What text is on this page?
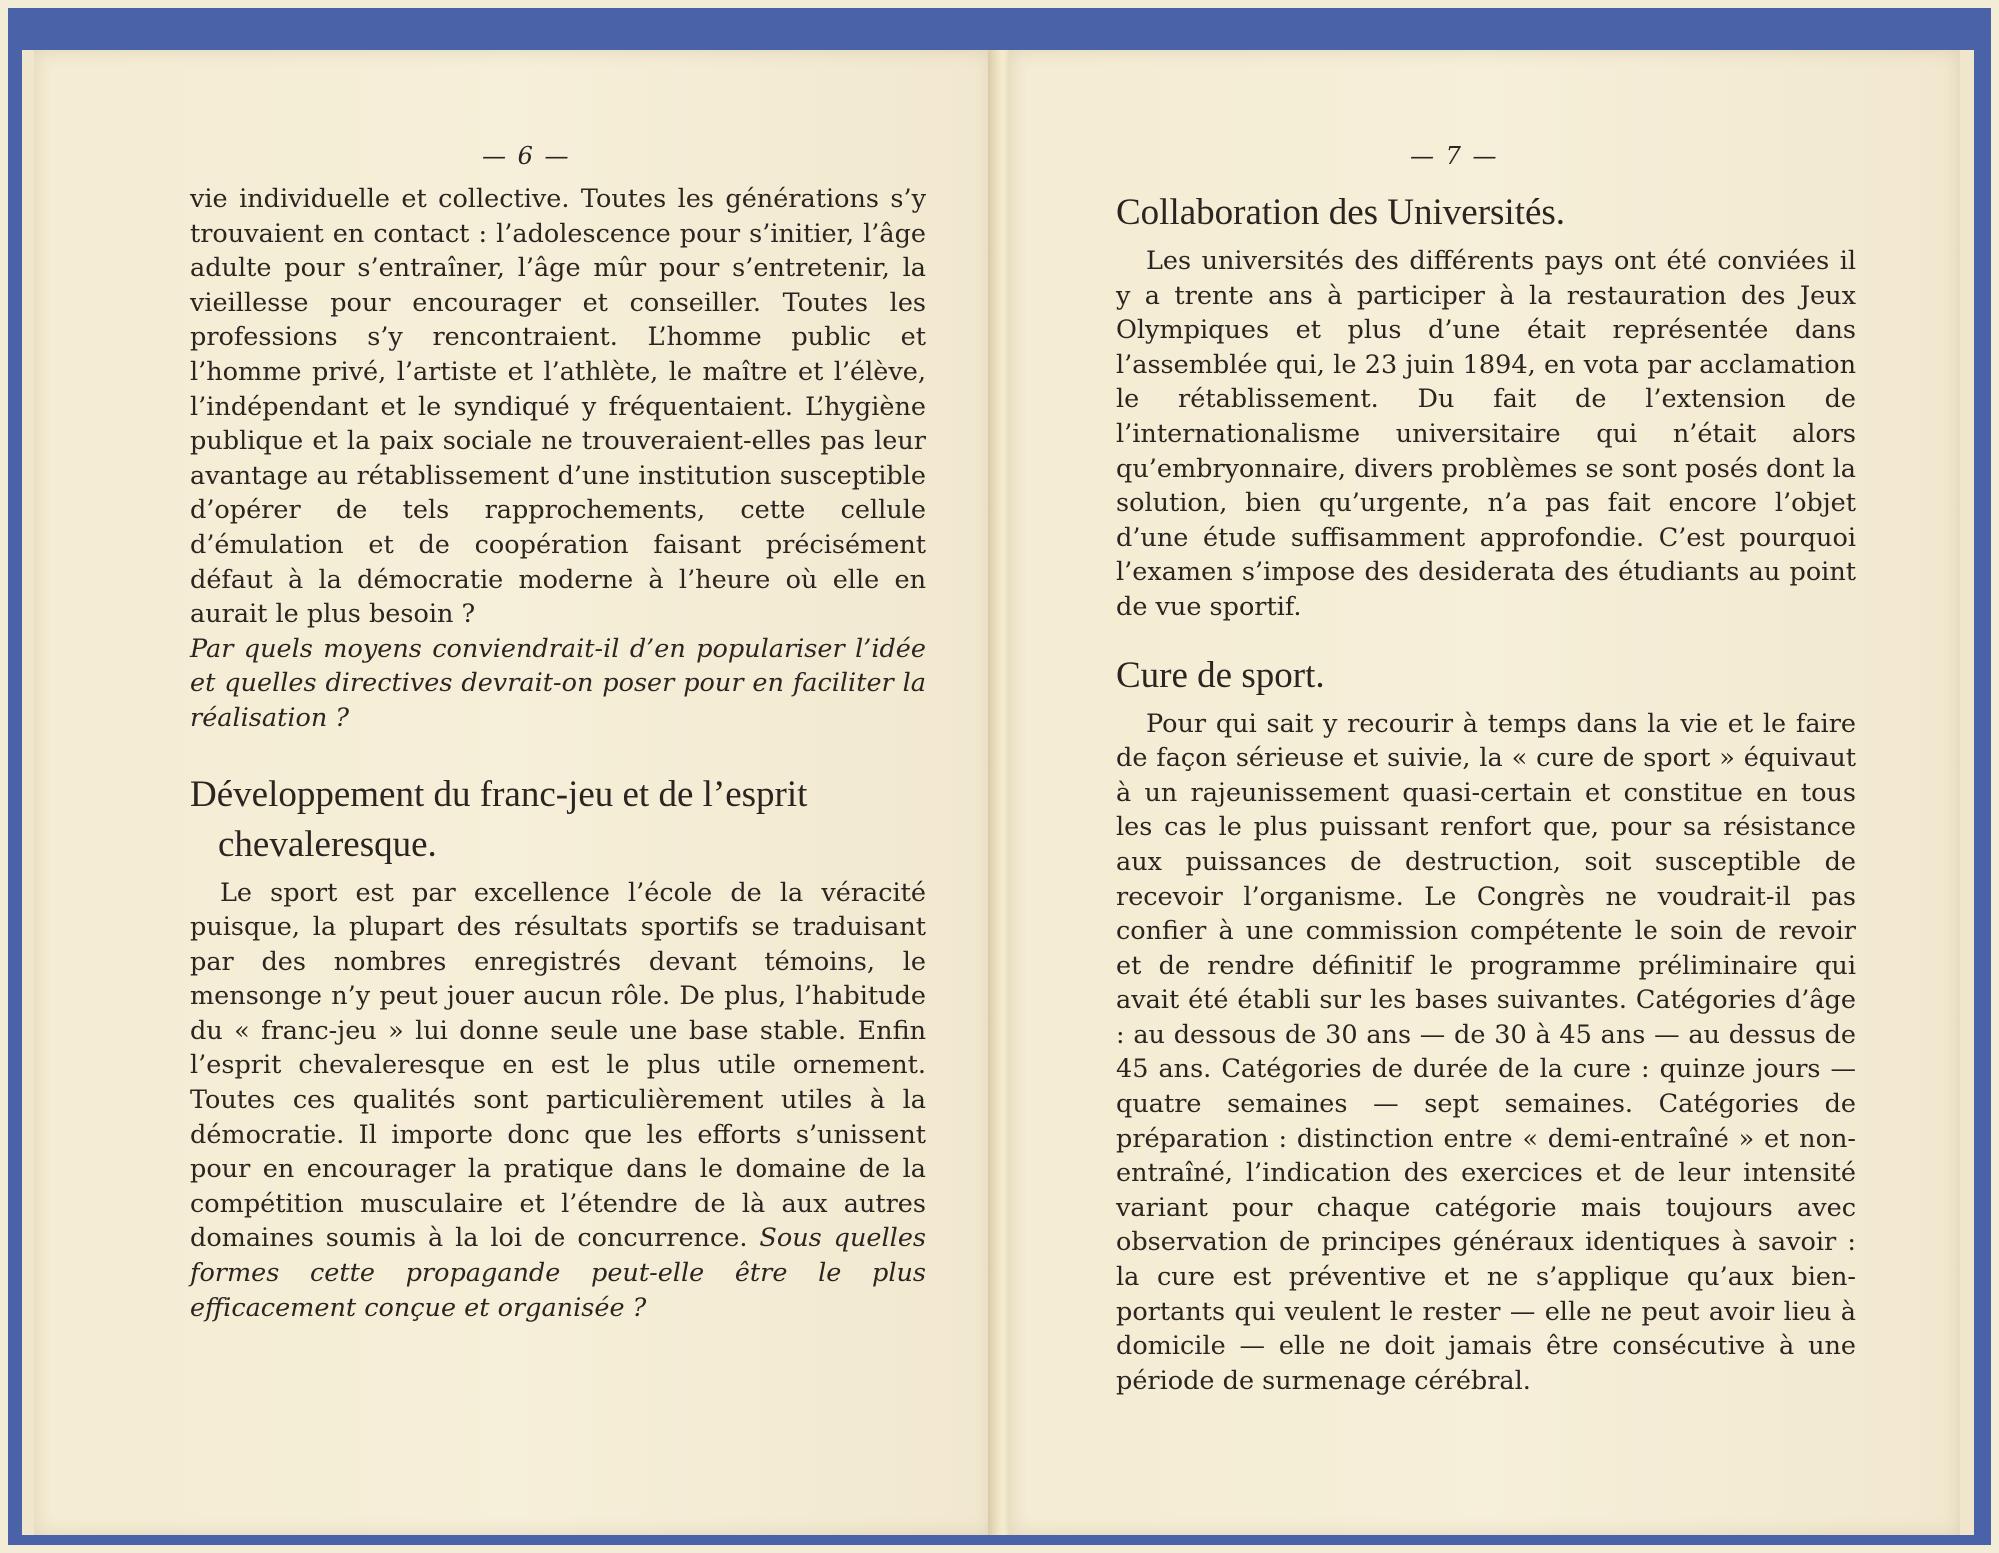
— 6 —

vie individuelle et collective. Toutes les générations s’y trouvaient en contact : l’adolescence pour s’initier, l’âge adulte pour s’entraîner, l’âge mûr pour s’entretenir, la vieillesse pour encourager et conseiller. Toutes les professions s’y rencontraient. L’homme public et l’homme privé, l’artiste et l’athlète, le maître et l’élève, l’indépendant et le syndiqué y fréquentaient. L’hygiène publique et la paix sociale ne trouveraient-elles pas leur avantage au rétablissement d’une institution susceptible d’opérer de tels rapprochements, cette cellule d’émulation et de coopération faisant précisément défaut à la démocratie moderne à l’heure où elle en aurait le plus besoin ?

Par quels moyens conviendrait-il d’en populariser l’idée et quelles directives devrait-on poser pour en faciliter la réalisation ?

Développement du franc-jeu et de l’esprit chevaleresque.

Le sport est par excellence l’école de la véracité puisque, la plupart des résultats sportifs se traduisant par des nombres enregistrés devant témoins, le mensonge n’y peut jouer aucun rôle. De plus, l’habitude du « franc-jeu » lui donne seule une base stable. Enfin l’esprit chevaleresque en est le plus utile ornement. Toutes ces qualités sont particulièrement utiles à la démocratie. Il importe donc que les efforts s’unissent pour en encourager la pratique dans le domaine de la compétition musculaire et l’étendre de là aux autres domaines soumis à la loi de concurrence. Sous quelles formes cette propagande peut-elle être le plus efficacement conçue et organisée ?

— 7 —
Collaboration des Universités.

Les universités des différents pays ont été conviées il y a trente ans à participer à la restauration des Jeux Olympiques et plus d’une était représentée dans l’assemblée qui, le 23 juin 1894, en vota par acclamation le rétablissement. Du fait de l’extension de l’internationalisme universitaire qui n’était alors qu’embryonnaire, divers problèmes se sont posés dont la solution, bien qu’urgente, n’a pas fait encore l’objet d’une étude suffisamment approfondie. C’est pourquoi l’examen s’impose des desiderata des étudiants au point de vue sportif.

Cure de sport.

Pour qui sait y recourir à temps dans la vie et le faire de façon sérieuse et suivie, la « cure de sport » équivaut à un rajeunissement quasi-certain et constitue en tous les cas le plus puissant renfort que, pour sa résistance aux puissances de destruction, soit susceptible de recevoir l’organisme. Le Congrès ne voudrait-il pas confier à une commission compétente le soin de revoir et de rendre définitif le programme préliminaire qui avait été établi sur les bases suivantes. Catégories d’âge : au dessous de 30 ans — de 30 à 45 ans — au dessus de 45 ans. Catégories de durée de la cure : quinze jours — quatre semaines — sept semaines. Catégories de préparation : distinction entre « demi-entraîné » et non-entraîné, l’indication des exercices et de leur intensité variant pour chaque catégorie mais toujours avec observation de principes généraux identiques à savoir : la cure est préventive et ne s’applique qu’aux bien-portants qui veulent le rester — elle ne peut avoir lieu à domicile — elle ne doit jamais être consécutive à une période de surmenage cérébral.
